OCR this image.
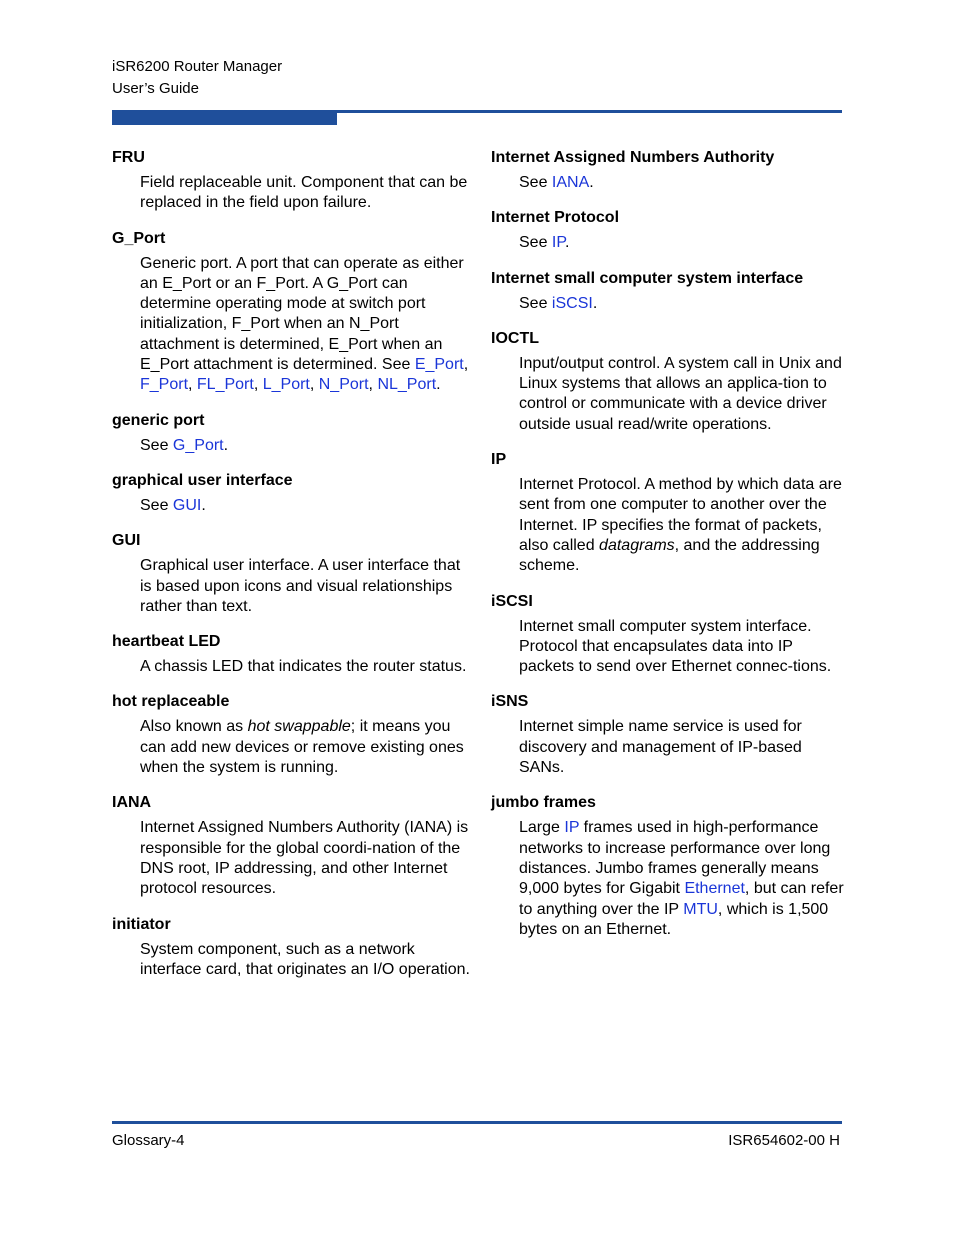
iSR6200 Router Manager
User’s Guide
FRU
Field replaceable unit. Component that can be replaced in the field upon failure.
G_Port
Generic port. A port that can operate as either an E_Port or an F_Port. A G_Port can determine operating mode at switch port initialization, F_Port when an N_Port attachment is determined, E_Port when an E_Port attachment is determined. See E_Port, F_Port, FL_Port, L_Port, N_Port, NL_Port.
generic port
See G_Port.
graphical user interface
See GUI.
GUI
Graphical user interface. A user interface that is based upon icons and visual relationships rather than text.
heartbeat LED
A chassis LED that indicates the router status.
hot replaceable
Also known as hot swappable; it means you can add new devices or remove existing ones when the system is running.
IANA
Internet Assigned Numbers Authority (IANA) is responsible for the global coordi-nation of the DNS root, IP addressing, and other Internet protocol resources.
initiator
System component, such as a network interface card, that originates an I/O operation.
Internet Assigned Numbers Authority
See IANA.
Internet Protocol
See IP.
Internet small computer system interface
See iSCSI.
IOCTL
Input/output control. A system call in Unix and Linux systems that allows an applica-tion to control or communicate with a device driver outside usual read/write operations.
IP
Internet Protocol. A method by which data are sent from one computer to another over the Internet. IP specifies the format of packets, also called datagrams, and the addressing scheme.
iSCSI
Internet small computer system interface. Protocol that encapsulates data into IP packets to send over Ethernet connec-tions.
iSNS
Internet simple name service is used for discovery and management of IP-based SANs.
jumbo frames
Large IP frames used in high-performance networks to increase performance over long distances. Jumbo frames generally means 9,000 bytes for Gigabit Ethernet, but can refer to anything over the IP MTU, which is 1,500 bytes on an Ethernet.
Glossary-4	ISR654602-00 H
